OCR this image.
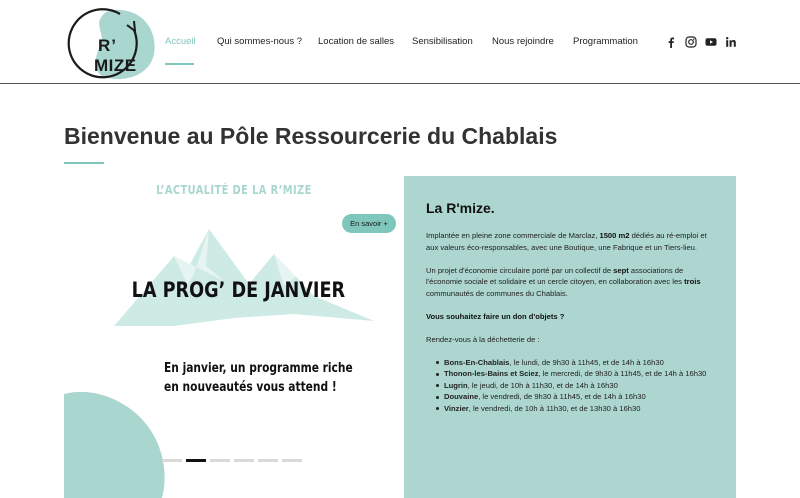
R’
MIZE
Accueil Qui sommes-nous ? Location de salles Sensibilisation Nous rejoindre Programmation
Bienvenue au Pôle Ressourcerie du Chablais
L’ACTUALITÉ DE LA R’MIZE
En savoir +
LA PROG’ DE JANVIER
En janvier, un programme riche
en nouveautés vous attend !
La R'mize.

Implantée en pleine zone commerciale de Marclaz, 1500 m2 dédiés au ré-emploi et aux valeurs éco-responsables, avec une Boutique, une Fabrique et un Tiers-lieu.

Un projet d'économie circulaire porté par un collectif de sept associations de l'économie sociale et solidaire et un cercle citoyen, en collaboration avec les trois communautés de communes du Chablais.

Vous souhaitez faire un don d'objets ?

Rendez-vous à la déchetterie de :

Bons-En-Chablais, le lundi, de 9h30 à 11h45, et de 14h à 16h30
Thonon-les-Bains et Sciez, le mercredi, de 9h30 à 11h45, et de 14h à 16h30
Lugrin, le jeudi, de 10h à 11h30, et de 14h à 16h30
Douvaine, le vendredi, de 9h30 à 11h45, et de 14h à 16h30
Vinzier, le vendredi, de 10h à 11h30, et de 13h30 à 16h30
